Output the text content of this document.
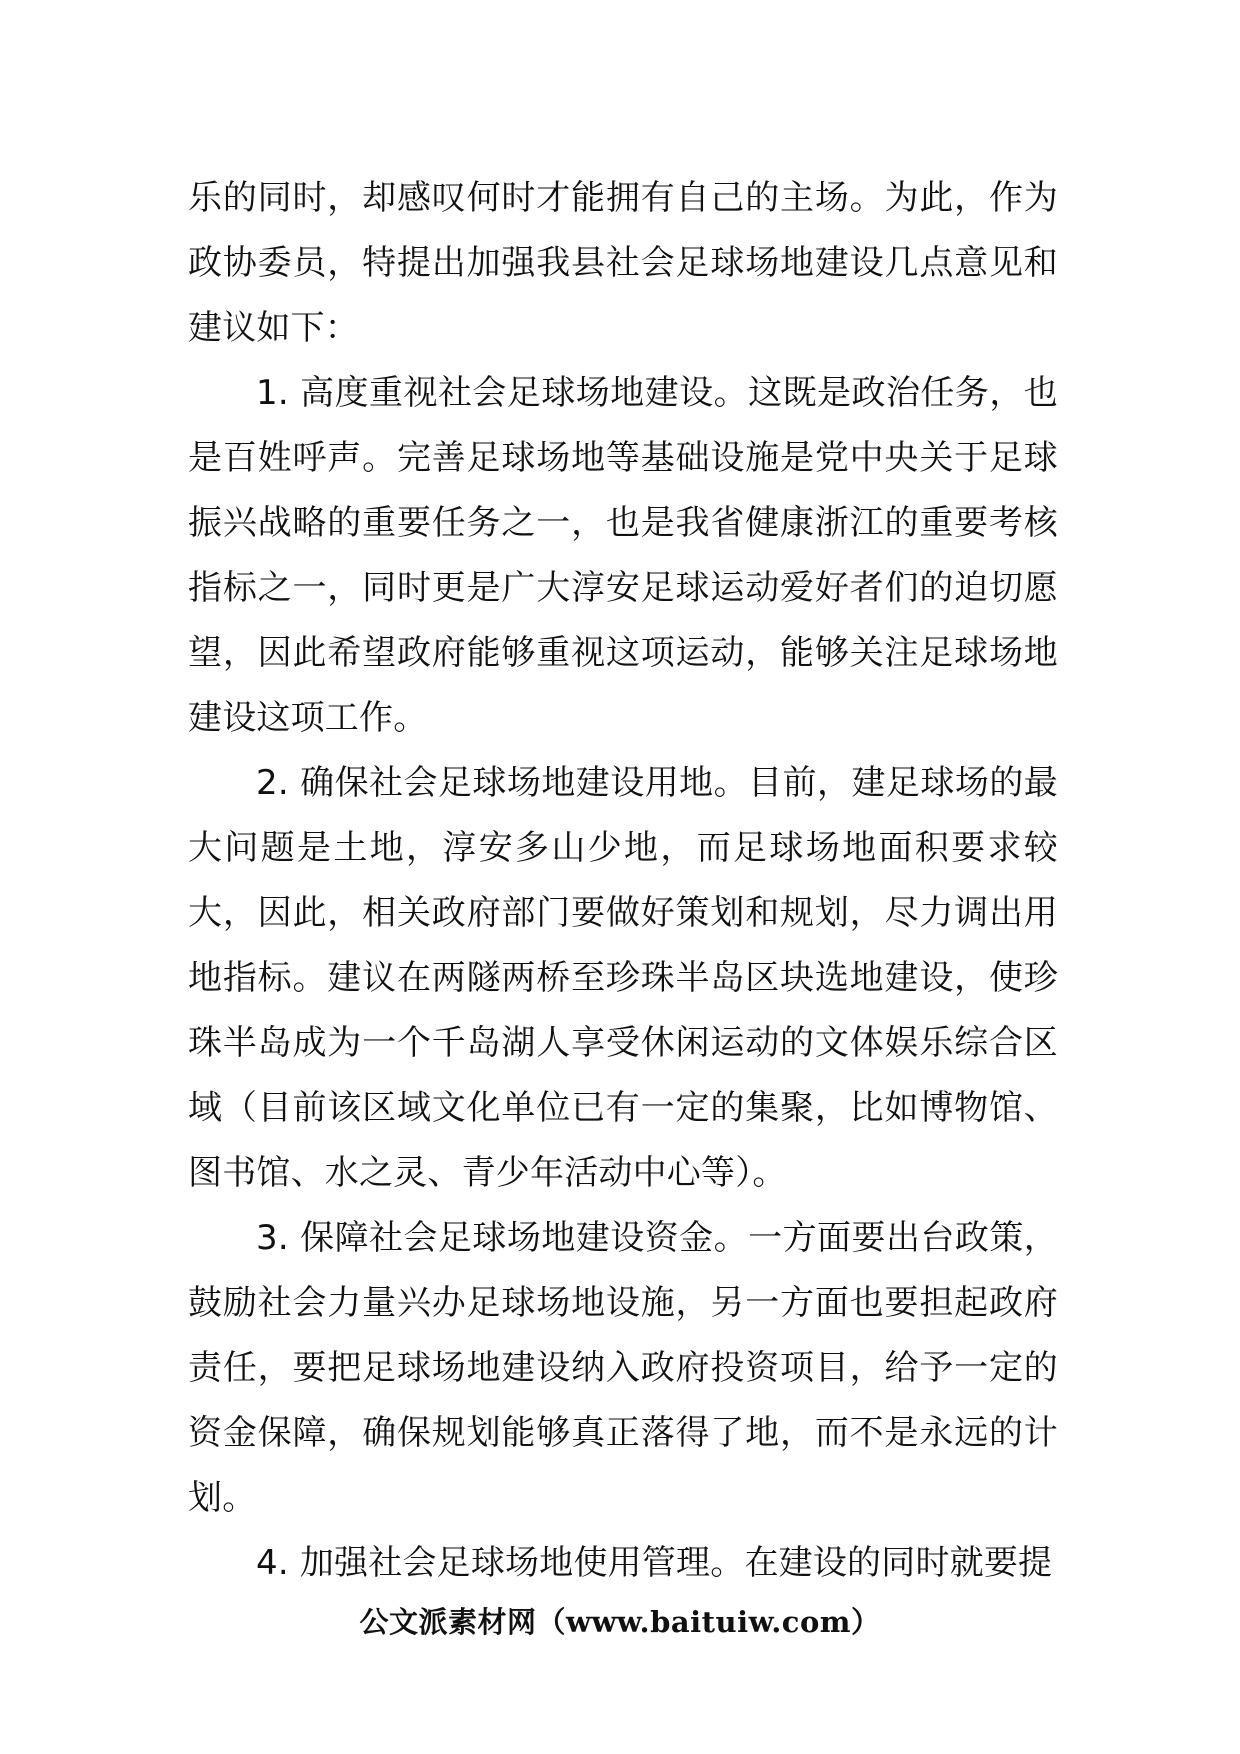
乐的同时，却感叹何时才能拥有自己的主场。为此，作为政协委员，特提出加强我县社会足球场地建设几点意见和建议如下：

1. 高度重视社会足球场地建设。这既是政治任务，也是百姓呼声。完善足球场地等基础设施是党中央关于足球振兴战略的重要任务之一，也是我省健康浙江的重要考核指标之一，同时更是广大淳安足球运动爱好者们的迫切愿望，因此希望政府能够重视这项运动，能够关注足球场地建设这项工作。

2. 确保社会足球场地建设用地。目前，建足球场的最大问题是土地，淳安多山少地，而足球场地面积要求较大，因此，相关政府部门要做好策划和规划，尽力调出用地指标。建议在两隧两桥至珍珠半岛区块选地建设，使珍珠半岛成为一个千岛湖人享受休闲运动的文体娱乐综合区域（目前该区域文化单位已有一定的集聚，比如博物馆、图书馆、水之灵、青少年活动中心等）。

3. 保障社会足球场地建设资金。一方面要出台政策，鼓励社会力量兴办足球场地设施，另一方面也要担起政府责任，要把足球场地建设纳入政府投资项目，给予一定的资金保障，确保规划能够真正落得了地，而不是永远的计划。

4. 加强社会足球场地使用管理。在建设的同时就要提

公文派素材网（www.baituiw.com）
